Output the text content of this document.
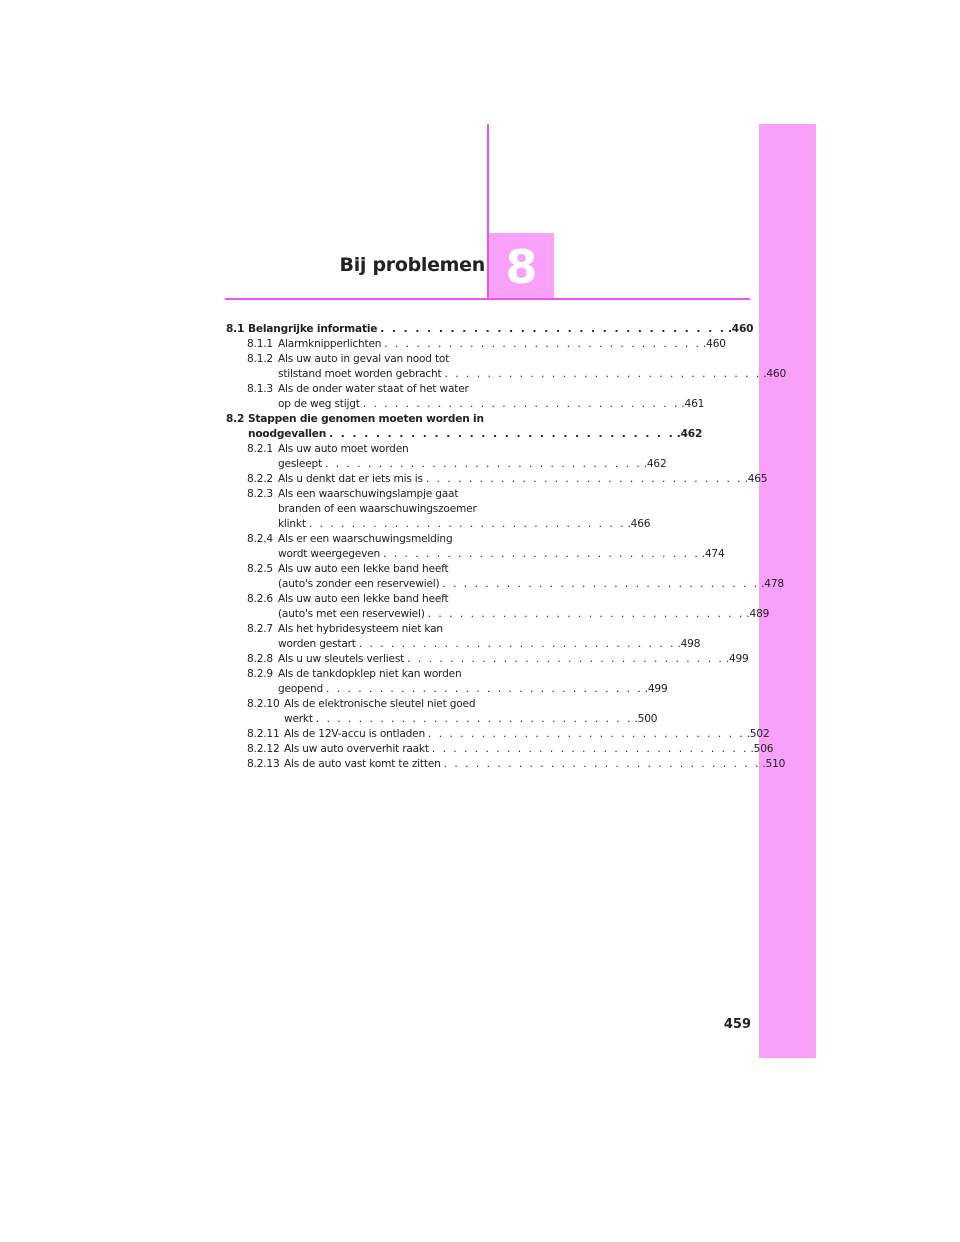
8
Bij problemen
8.1 Belangrijke informatie . . . . . . . . . . . . . . . . . . . . . . . . . . . . . . .460
8.1.1 Alarmknipperlichten . . . . . . . . . . . . . . . . . . . . . . . . . . . . . . .460
8.1.2 Als uw auto in geval van nood tot
stilstand moet worden gebracht . . . . . . . . . . . . . . . . . . . . . . . . . . . . . . .460
8.1.3 Als de onder water staat of het water
op de weg stijgt . . . . . . . . . . . . . . . . . . . . . . . . . . . . . . .461
8.2 Stappen die genomen moeten worden in
noodgevallen . . . . . . . . . . . . . . . . . . . . . . . . . . . . . . .462
8.2.1 Als uw auto moet worden
gesleept . . . . . . . . . . . . . . . . . . . . . . . . . . . . . . .462
8.2.2 Als u denkt dat er iets mis is . . . . . . . . . . . . . . . . . . . . . . . . . . . . . . .465
8.2.3 Als een waarschuwingslampje gaat
branden of een waarschuwingszoemer
klinkt . . . . . . . . . . . . . . . . . . . . . . . . . . . . . . .466
8.2.4 Als er een waarschuwingsmelding
wordt weergegeven . . . . . . . . . . . . . . . . . . . . . . . . . . . . . . .474
8.2.5 Als uw auto een lekke band heeft
(auto's zonder een reservewiel) . . . . . . . . . . . . . . . . . . . . . . . . . . . . . . .478
8.2.6 Als uw auto een lekke band heeft
(auto's met een reservewiel) . . . . . . . . . . . . . . . . . . . . . . . . . . . . . . .489
8.2.7 Als het hybridesysteem niet kan
worden gestart . . . . . . . . . . . . . . . . . . . . . . . . . . . . . . .498
8.2.8 Als u uw sleutels verliest . . . . . . . . . . . . . . . . . . . . . . . . . . . . . . .499
8.2.9 Als de tankdopklep niet kan worden
geopend . . . . . . . . . . . . . . . . . . . . . . . . . . . . . . .499
8.2.10 Als de elektronische sleutel niet goed
werkt . . . . . . . . . . . . . . . . . . . . . . . . . . . . . . .500
8.2.11 Als de 12V-accu is ontladen . . . . . . . . . . . . . . . . . . . . . . . . . . . . . . .502
8.2.12 Als uw auto oververhit raakt . . . . . . . . . . . . . . . . . . . . . . . . . . . . . . .506
8.2.13 Als de auto vast komt te zitten . . . . . . . . . . . . . . . . . . . . . . . . . . . . . . .510
459
